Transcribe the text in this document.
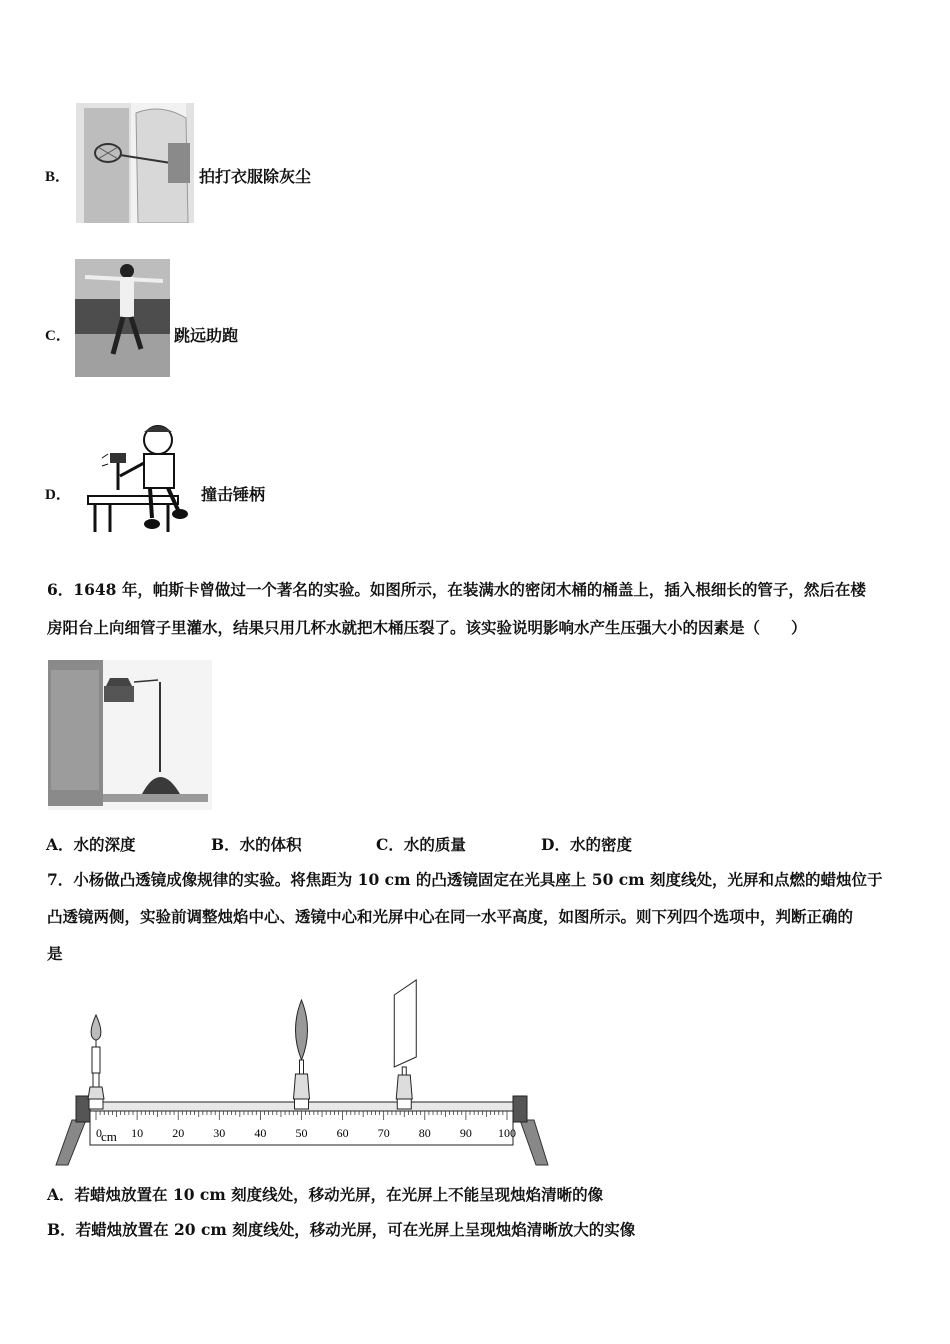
B．	拍打衣服除灰尘
C．	跳远助跑
D．	撞击锤柄
6．1648 年，帕斯卡曾做过一个著名的实验。如图所示，在装满水的密闭木桶的桶盖上，插入根细长的管子，然后在楼
房阳台上向细管子里灌水，结果只用几杯水就把木桶压裂了。该实验说明影响水产生压强大小的因素是（　　）
A．水的深度	B．水的体积	C．水的质量	D．水的密度
7．小杨做凸透镜成像规律的实验。将焦距为 10 cm 的凸透镜固定在光具座上 50 cm 刻度线处，光屏和点燃的蜡烛位于
凸透镜两侧，实验前调整烛焰中心、透镜中心和光屏中心在同一水平高度，如图所示。则下列四个选项中，判断正确的
是
0 10 20 30 40 50 60 70 80 90 100
cm
A．若蜡烛放置在 10 cm 刻度线处，移动光屏，在光屏上不能呈现烛焰清晰的像
B．若蜡烛放置在 20 cm 刻度线处，移动光屏，可在光屏上呈现烛焰清晰放大的实像
